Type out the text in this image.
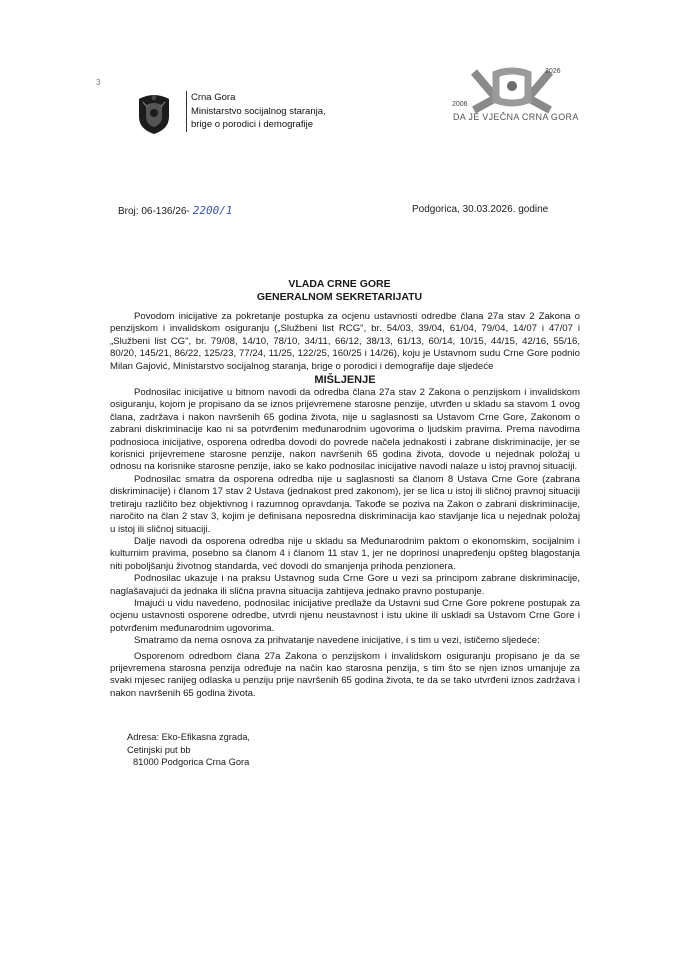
3
Crna Gora
Ministarstvo socijalnog staranja,
brige o porodici i demografije
2006
2026
DA JE VJEČNA CRNA GORA
Broj: 06-136/26- 2200/1	Podgorica, 30.03.2026. godine
VLADA CRNE GORE
GENERALNOM SEKRETARIJATU

Povodom inicijative za pokretanje postupka za ocjenu ustavnosti odredbe člana 27a stav 2 Zakona o penzijskom i invalidskom osiguranju („Službeni list RCG", br. 54/03, 39/04, 61/04, 79/04, 14/07 i 47/07 i „Službeni list CG", br. 79/08, 14/10, 78/10, 34/11, 66/12, 38/13, 61/13, 60/14, 10/15, 44/15, 42/16, 55/16, 80/20, 145/21, 86/22, 125/23, 77/24, 11/25, 122/25, 160/25 i 14/26), koju je Ustavnom sudu Crne Gore podnio Milan Gajović, Ministarstvo socijalnog staranja, brige o porodici i demografije daje sljedeće

MIŠLJENJE

Podnosilac inicijative u bitnom navodi da odredba člana 27a stav 2 Zakona o penzijskom i invalidskom osiguranju, kojom je propisano da se iznos prijevremene starosne penzije, utvrđen u skladu sa stavom 1 ovog člana, zadržava i nakon navršenih 65 godina života, nije u saglasnosti sa Ustavom Crne Gore, Zakonom o zabrani diskriminacije kao ni sa potvrđenim međunarodnim ugovorima o ljudskim pravima. Prema navodima podnosioca inicijative, osporena odredba dovodi do povrede načela jednakosti i zabrane diskriminacije, jer se korisnici prijevremene starosne penzije, nakon navršenih 65 godina života, dovode u nejednak položaj u odnosu na korisnike starosne penzije, iako se kako podnosilac inicijative navodi nalaze u istoj pravnoj situaciji.

Podnosilac smatra da osporena odredba nije u saglasnosti sa članom 8 Ustava Crne Gore (zabrana diskriminacije) i članom 17 stav 2 Ustava (jednakost pred zakonom), jer se lica u istoj ili sličnoj pravnoj situaciji tretiraju različito bez objektivnog i razumnog opravdanja. Takođe se poziva na Zakon o zabrani diskriminacije, naročito na član 2 stav 3, kojim je definisana neposredna diskriminacija kao stavljanje lica u nejednak položaj u istoj ili sličnoj situaciji.

Dalje navodi da osporena odredba nije u skladu sa Međunarodnim paktom o ekonomskim, socijalnim i kulturnim pravima, posebno sa članom 4 i članom 11 stav 1, jer ne doprinosi unapređenju opšteg blagostanja niti poboljšanju životnog standarda, već dovodi do smanjenja prihoda penzionera.

Podnosilac ukazuje i na praksu Ustavnog suda Crne Gore u vezi sa principom zabrane diskriminacije, naglašavajući da jednaka ili slična pravna situacija zahtijeva jednako pravno postupanje.

Imajući u vidu navedeno, podnosilac inicijative predlaže da Ustavni sud Crne Gore pokrene postupak za ocjenu ustavnosti osporene odredbe, utvrdi njenu neustavnost i istu ukine ili uskladi sa Ustavom Crne Gore i potvrđenim međunarodnim ugovorima.

Smatramo da nema osnova za prihvatanje navedene inicijative, i s tim u vezi, ističemo sljedeće:

Osporenom odredbom člana 27a Zakona o penzijskom i invalidskom osiguranju propisano je da se prijevremena starosna penzija određuje na način kao starosna penzija, s tim što se njen iznos umanjuje za svaki mjesec ranijeg odlaska u penziju prije navršenih 65 godina života, te da se tako utvrđeni iznos zadržava i nakon navršenih 65 godina života.

Adresa: Eko-Efikasna zgrada,
Cetinjski put bb
81000 Podgorica Crna Gora
